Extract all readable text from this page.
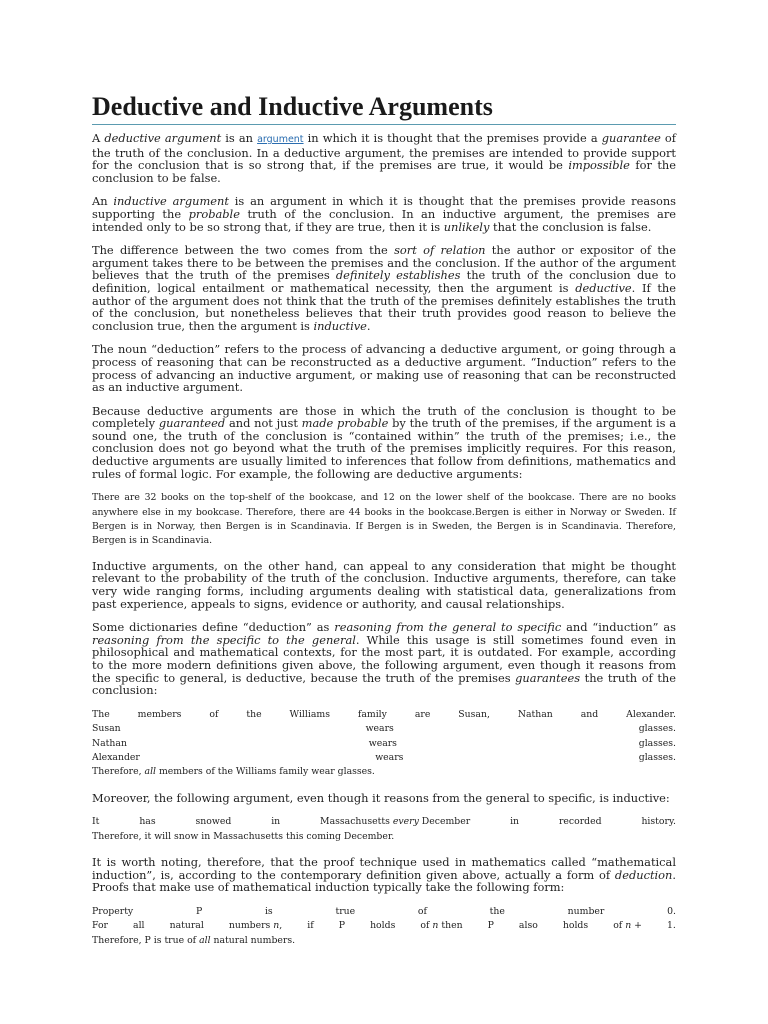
Deductive and Inductive Arguments

A deductive argument is an argument in which it is thought that the premises provide a guarantee of the truth of the conclusion. In a deductive argument, the premises are intended to provide support for the conclusion that is so strong that, if the premises are true, it would be impossible for the conclusion to be false.

An inductive argument is an argument in which it is thought that the premises provide reasons supporting the probable truth of the conclusion. In an inductive argument, the premises are intended only to be so strong that, if they are true, then it is unlikely that the conclusion is false.

The difference between the two comes from the sort of relation the author or expositor of the argument takes there to be between the premises and the conclusion. If the author of the argument believes that the truth of the premises definitely establishes the truth of the conclusion due to definition, logical entailment or mathematical necessity, then the argument is deductive. If the author of the argument does not think that the truth of the premises definitely establishes the truth of the conclusion, but nonetheless believes that their truth provides good reason to believe the conclusion true, then the argument is inductive.

The noun “deduction” refers to the process of advancing a deductive argument, or going through a process of reasoning that can be reconstructed as a deductive argument. “Induction” refers to the process of advancing an inductive argument, or making use of reasoning that can be reconstructed as an inductive argument.

Because deductive arguments are those in which the truth of the conclusion is thought to be completely guaranteed and not just made probable by the truth of the premises, if the argument is a sound one, the truth of the conclusion is “contained within” the truth of the premises; i.e., the conclusion does not go beyond what the truth of the premises implicitly requires. For this reason, deductive arguments are usually limited to inferences that follow from definitions, mathematics and rules of formal logic. For example, the following are deductive arguments:

There are 32 books on the top-shelf of the bookcase, and 12 on the lower shelf of the bookcase. There are no books anywhere else in my bookcase. Therefore, there are 44 books in the bookcase.Bergen is either in Norway or Sweden. If Bergen is in Norway, then Bergen is in Scandinavia. If Bergen is in Sweden, the Bergen is in Scandinavia. Therefore, Bergen is in Scandinavia.

Inductive arguments, on the other hand, can appeal to any consideration that might be thought relevant to the probability of the truth of the conclusion. Inductive arguments, therefore, can take very wide ranging forms, including arguments dealing with statistical data, generalizations from past experience, appeals to signs, evidence or authority, and causal relationships.

Some dictionaries define “deduction” as reasoning from the general to specific and “induction” as reasoning from the specific to the general. While this usage is still sometimes found even in philosophical and mathematical contexts, for the most part, it is outdated. For example, according to the more modern definitions given above, the following argument, even though it reasons from the specific to general, is deductive, because the truth of the premises guarantees the truth of the conclusion:

The	members	of	the	Williams	family	are	Susan,	Nathan	and	Alexander.
Susan	wears	glasses.
Nathan	wears	glasses.
Alexander	wears	glasses.
Therefore, all members of the Williams family wear glasses.

Moreover, the following argument, even though it reasons from the general to specific, is inductive:

It	has	snowed	in	Massachusetts every December	in	recorded	history.
Therefore, it will snow in Massachusetts this coming December.

It is worth noting, therefore, that the proof technique used in mathematics called “mathematical induction”, is, according to the contemporary definition given above, actually a form of deduction. Proofs that make use of mathematical induction typically take the following form:

Property	P	is	true	of	the	number	0.
For	all	natural	numbers n,	if	P	holds	of n then	P	also	holds	of n +	1.
Therefore, P is true of all natural numbers.
